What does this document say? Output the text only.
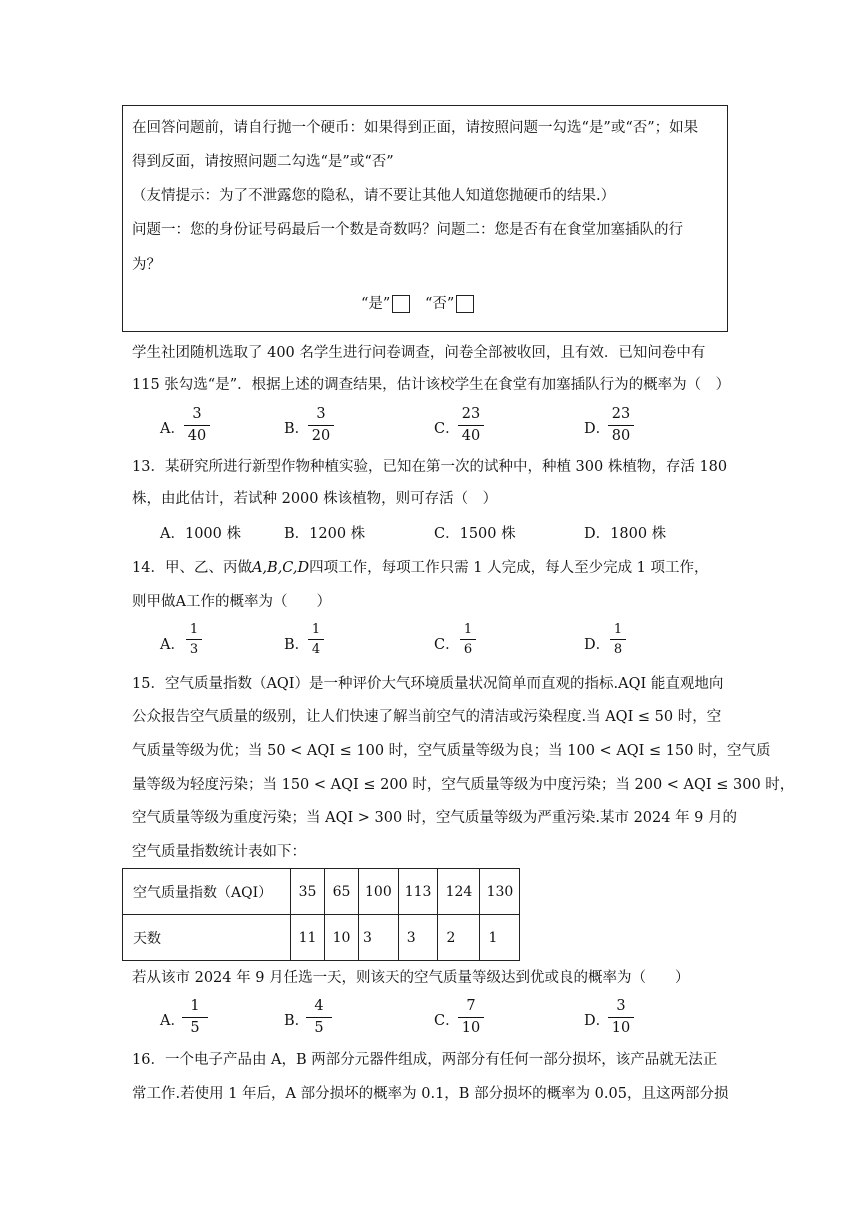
在回答问题前，请自行抛一个硬币：如果得到正面，请按照问题一勾选“是”或“否”；如果
得到反面，请按照问题二勾选“是”或“否”
（友情提示：为了不泄露您的隐私，请不要让其他人知道您抛硬币的结果.）
问题一：您的身份证号码最后一个数是奇数吗？问题二：您是否有在食堂加塞插队的行
为？
“是” “否”
学生社团随机选取了 400 名学生进行问卷调查，问卷全部被收回，且有效．已知问卷中有
115 张勾选“是”．根据上述的调查结果，估计该校学生在食堂有加塞插队行为的概率为（　）
A．
3
40	B．
3
20	C．
23
40	D．
23
80
13．某研究所进行新型作物种植实验，已知在第一次的试种中，种植 300 株植物，存活 180
株，由此估计，若试种 2000 株该植物，则可存活（　）
A．1000 株	B．1200 株	C．1500 株	D．1800 株
14．甲、乙、丙做A,B,C,D四项工作，每项工作只需 1 人完成，每人至少完成 1 项工作，
则甲做A工作的概率为（　　）
A．
1
3	B．
1
4	C．
1
6	D．
1
8
15．空气质量指数（AQI）是一种评价大气环境质量状况简单而直观的指标.AQI 能直观地向
公众报告空气质量的级别，让人们快速了解当前空气的清洁或污染程度.当 AQI ≤ 50 时，空
气质量等级为优；当 50 < AQI ≤ 100 时，空气质量等级为良；当 100 < AQI ≤ 150 时，空气质
量等级为轻度污染；当 150 < AQI ≤ 200 时，空气质量等级为中度污染；当 200 < AQI ≤ 300 时，
空气质量等级为重度污染；当 AQI > 300 时，空气质量等级为严重污染.某市 2024 年 9 月的
空气质量指数统计表如下：
空气质量指数（AQI）	35	65	100	113	124	130
天数	11	10	3	3	2	1
若从该市 2024 年 9 月任选一天，则该天的空气质量等级达到优或良的概率为（　　）
A．
1
5	B．
4
5	C．
7
10	D．
3
10
16．一个电子产品由 A，B 两部分元器件组成，两部分有任何一部分损坏，该产品就无法正
常工作.若使用 1 年后，A 部分损坏的概率为 0.1，B 部分损坏的概率为 0.05，且这两部分损
